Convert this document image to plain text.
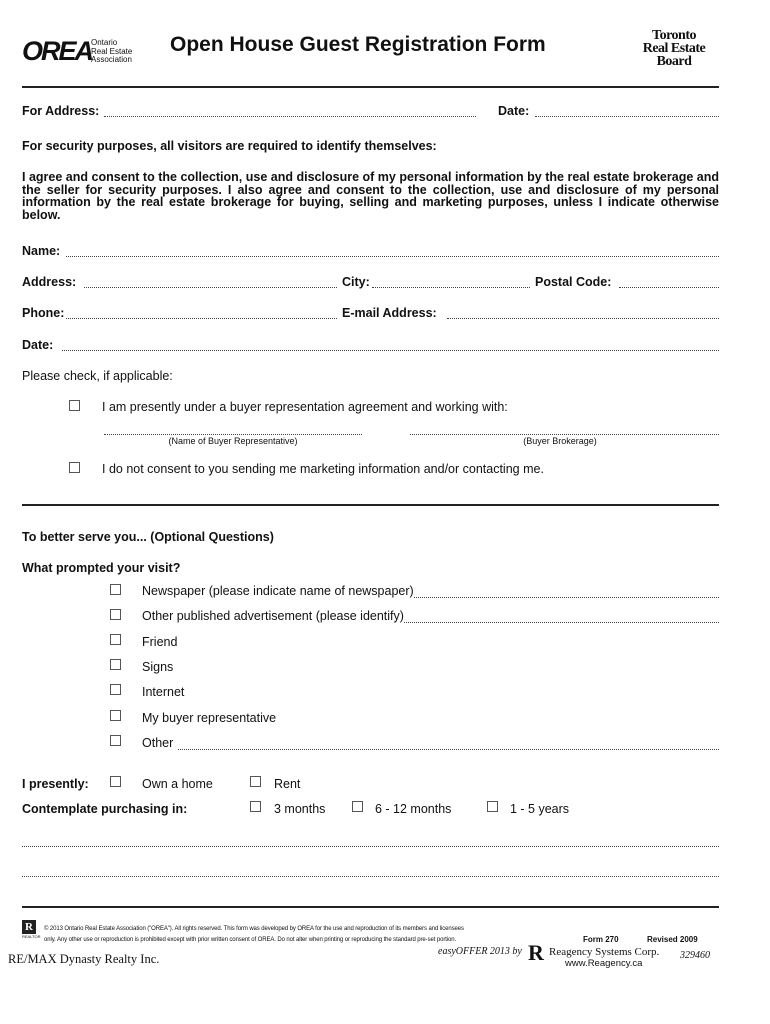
OREA
Ontario
Real Estate
Association
Open House Guest Registration Form	Toronto
Real Estate
Board
For Address:	Date:
For security purposes, all visitors are required to identify themselves:
I agree and consent to the collection, use and disclosure of my personal information by the real estate brokerage and the seller for security purposes. I also agree and consent to the collection, use and disclosure of my personal information by the real estate brokerage for buying, selling and marketing purposes, unless I indicate otherwise below.
Name:
Address:	City:	Postal Code:
Phone:	E-mail Address:
Date:
Please check, if applicable:
I am presently under a buyer representation agreement and working with:
(Name of Buyer Representative)	(Buyer Brokerage)
I do not consent to you sending me marketing information and/or contacting me.
To better serve you... (Optional Questions)
What prompted your visit?
Newspaper (please indicate name of newspaper)
Other published advertisement (please identify)
Friend
Signs
Internet
My buyer representative
Other
I presently:	Own a home	Rent
Contemplate purchasing in:	3 months	6 - 12 months	1 - 5 years
R
REALTOR
© 2013 Ontario Real Estate Association ("OREA"). All rights reserved. This form was developed by OREA for the use and reproduction of its members and licensees
only. Any other use or reproduction is prohibited except with prior written consent of OREA. Do not alter when printing or reproducing the standard pre-set portion.	Form 270	Revised 2009
easyOFFER 2013 by R Reagency Systems Corp.
www.Reagency.ca
329460
RE/MAX Dynasty Realty Inc.
